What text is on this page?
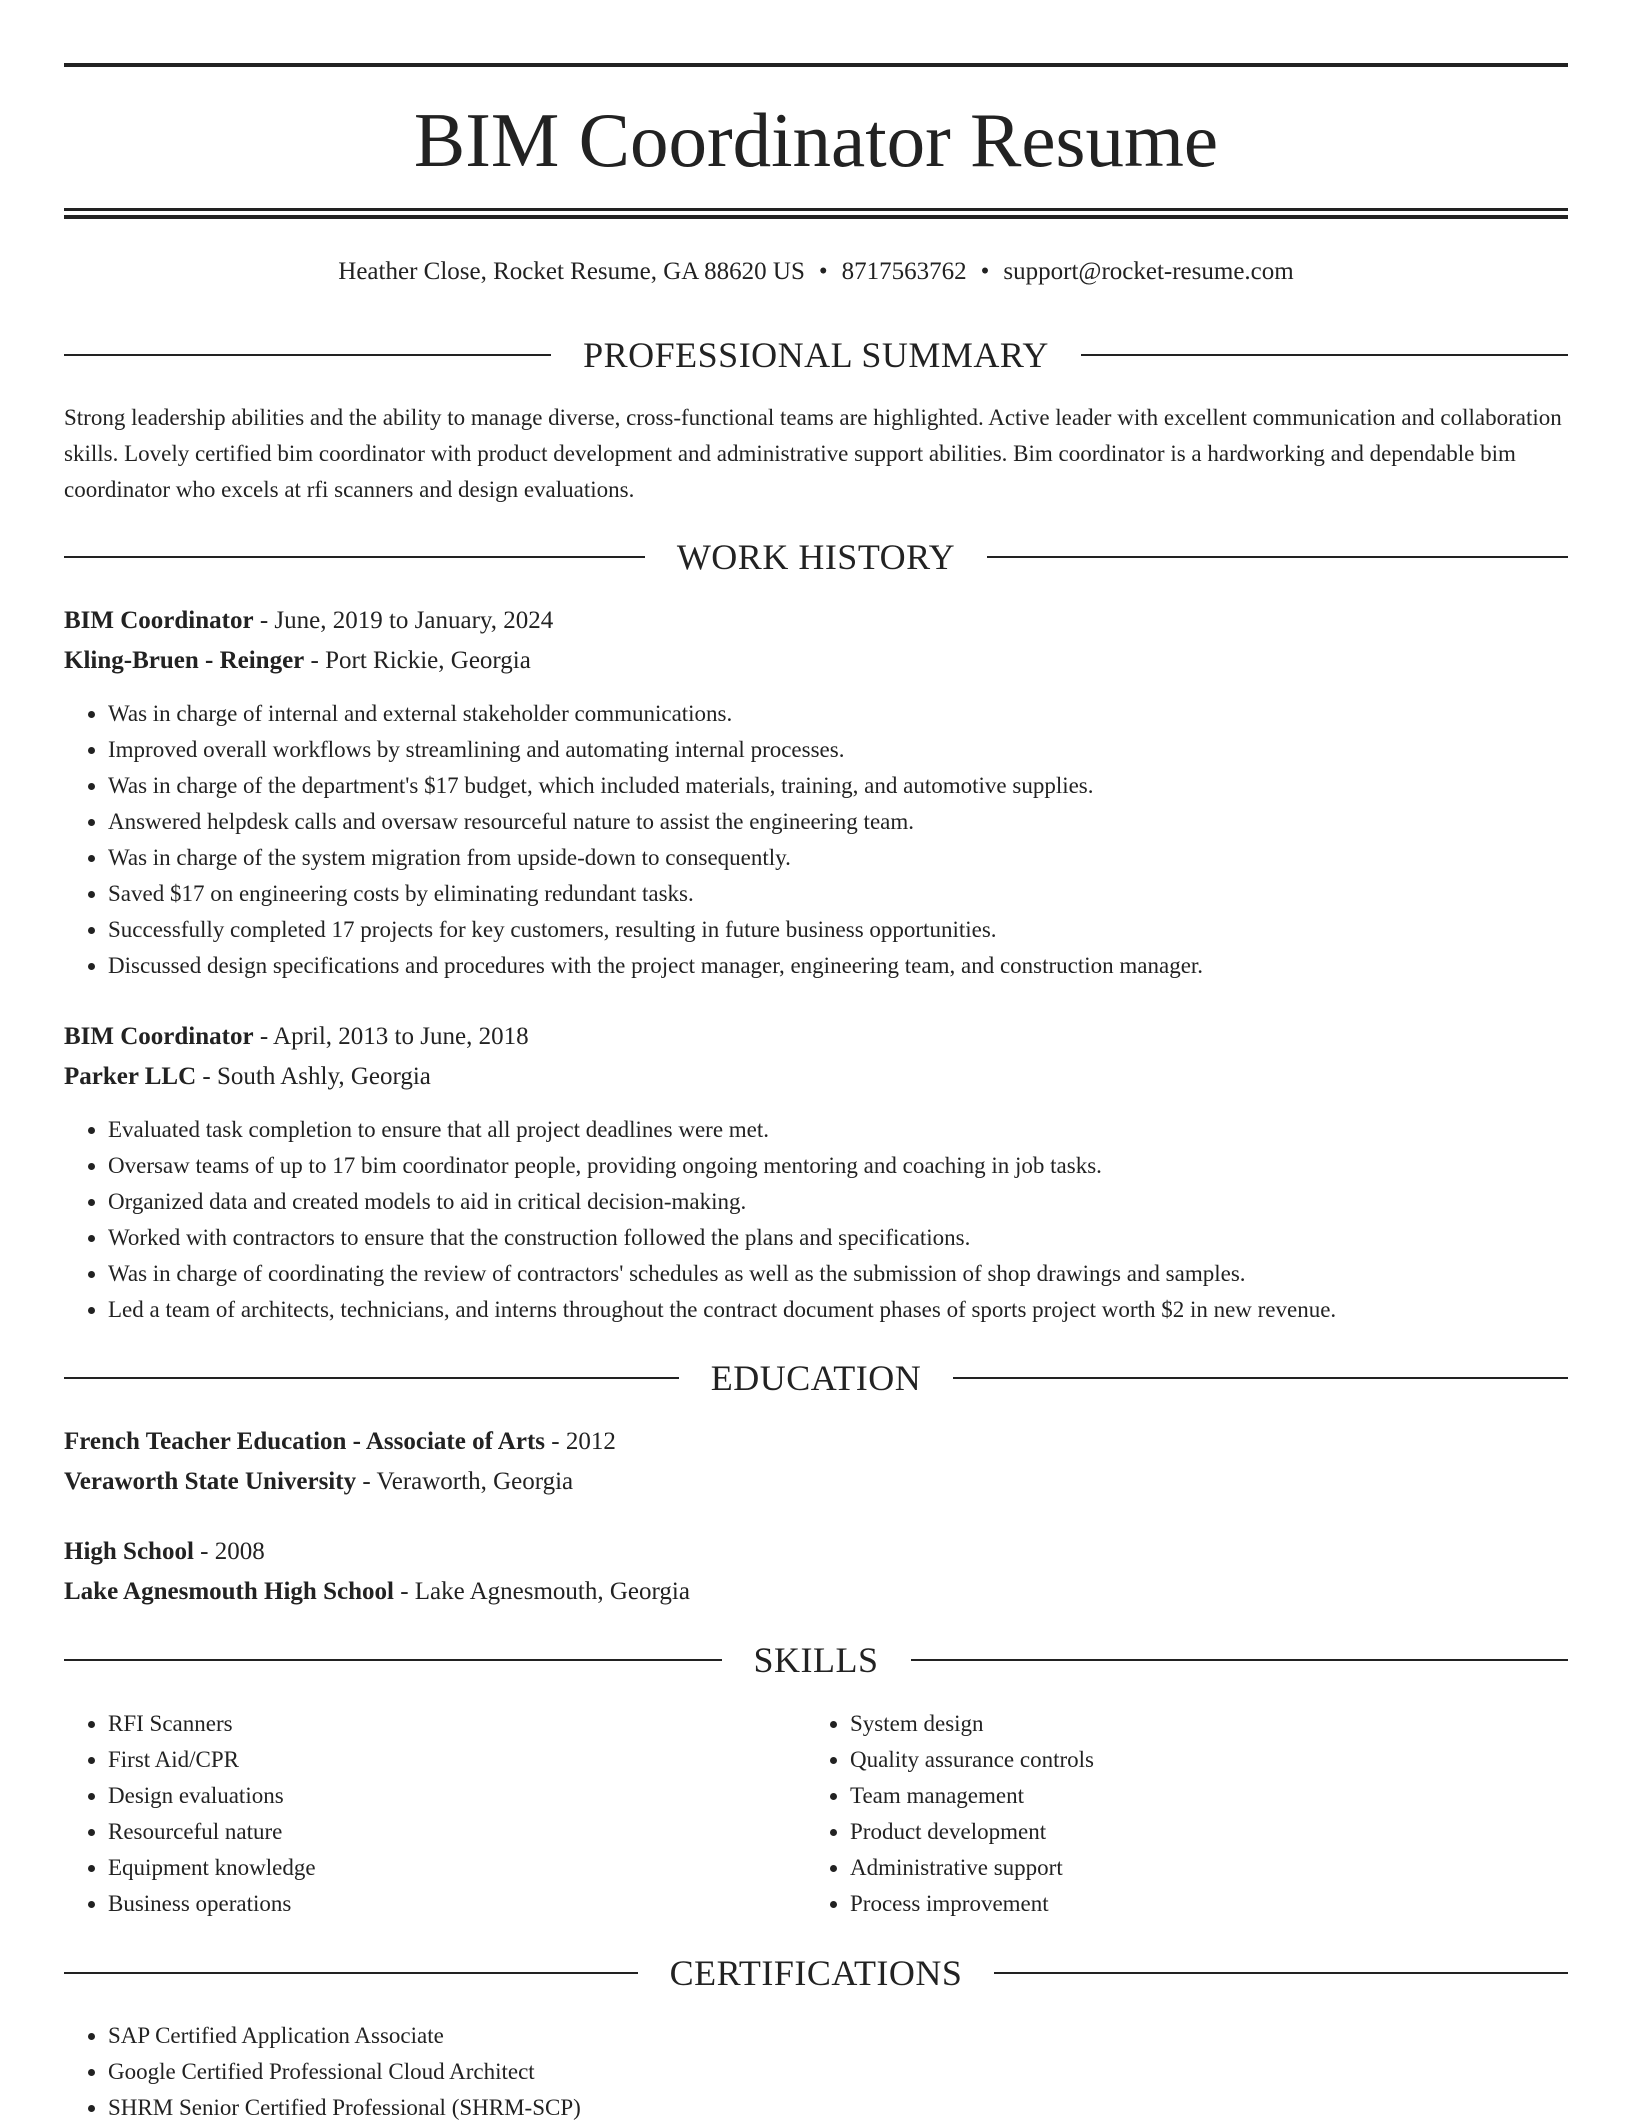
BIM Coordinator Resume
Heather Close, Rocket Resume, GA 88620 US • 8717563762 • support@rocket-resume.com
PROFESSIONAL SUMMARY

Strong leadership abilities and the ability to manage diverse, cross-functional teams are highlighted. Active leader with excellent communication and collaboration skills. Lovely certified bim coordinator with product development and administrative support abilities. Bim coordinator is a hardworking and dependable bim coordinator who excels at rfi scanners and design evaluations.

WORK HISTORY
BIM Coordinator - June, 2019 to January, 2024
Kling-Bruen - Reinger - Port Rickie, Georgia
• Was in charge of internal and external stakeholder communications.
• Improved overall workflows by streamlining and automating internal processes.
• Was in charge of the department's $17 budget, which included materials, training, and automotive supplies.
• Answered helpdesk calls and oversaw resourceful nature to assist the engineering team.
• Was in charge of the system migration from upside-down to consequently.
• Saved $17 on engineering costs by eliminating redundant tasks.
• Successfully completed 17 projects for key customers, resulting in future business opportunities.
• Discussed design specifications and procedures with the project manager, engineering team, and construction manager.
BIM Coordinator - April, 2013 to June, 2018
Parker LLC - South Ashly, Georgia
• Evaluated task completion to ensure that all project deadlines were met.
• Oversaw teams of up to 17 bim coordinator people, providing ongoing mentoring and coaching in job tasks.
• Organized data and created models to aid in critical decision-making.
• Worked with contractors to ensure that the construction followed the plans and specifications.
• Was in charge of coordinating the review of contractors' schedules as well as the submission of shop drawings and samples.
• Led a team of architects, technicians, and interns throughout the contract document phases of sports project worth $2 in new revenue.
EDUCATION
French Teacher Education - Associate of Arts - 2012
Veraworth State University - Veraworth, Georgia
High School - 2008
Lake Agnesmouth High School - Lake Agnesmouth, Georgia
SKILLS
• RFI Scanners
• First Aid/CPR
• Design evaluations
• Resourceful nature
• Equipment knowledge
• Business operations
• System design
• Quality assurance controls
• Team management
• Product development
• Administrative support
• Process improvement
CERTIFICATIONS
• SAP Certified Application Associate
• Google Certified Professional Cloud Architect
• SHRM Senior Certified Professional (SHRM-SCP)
